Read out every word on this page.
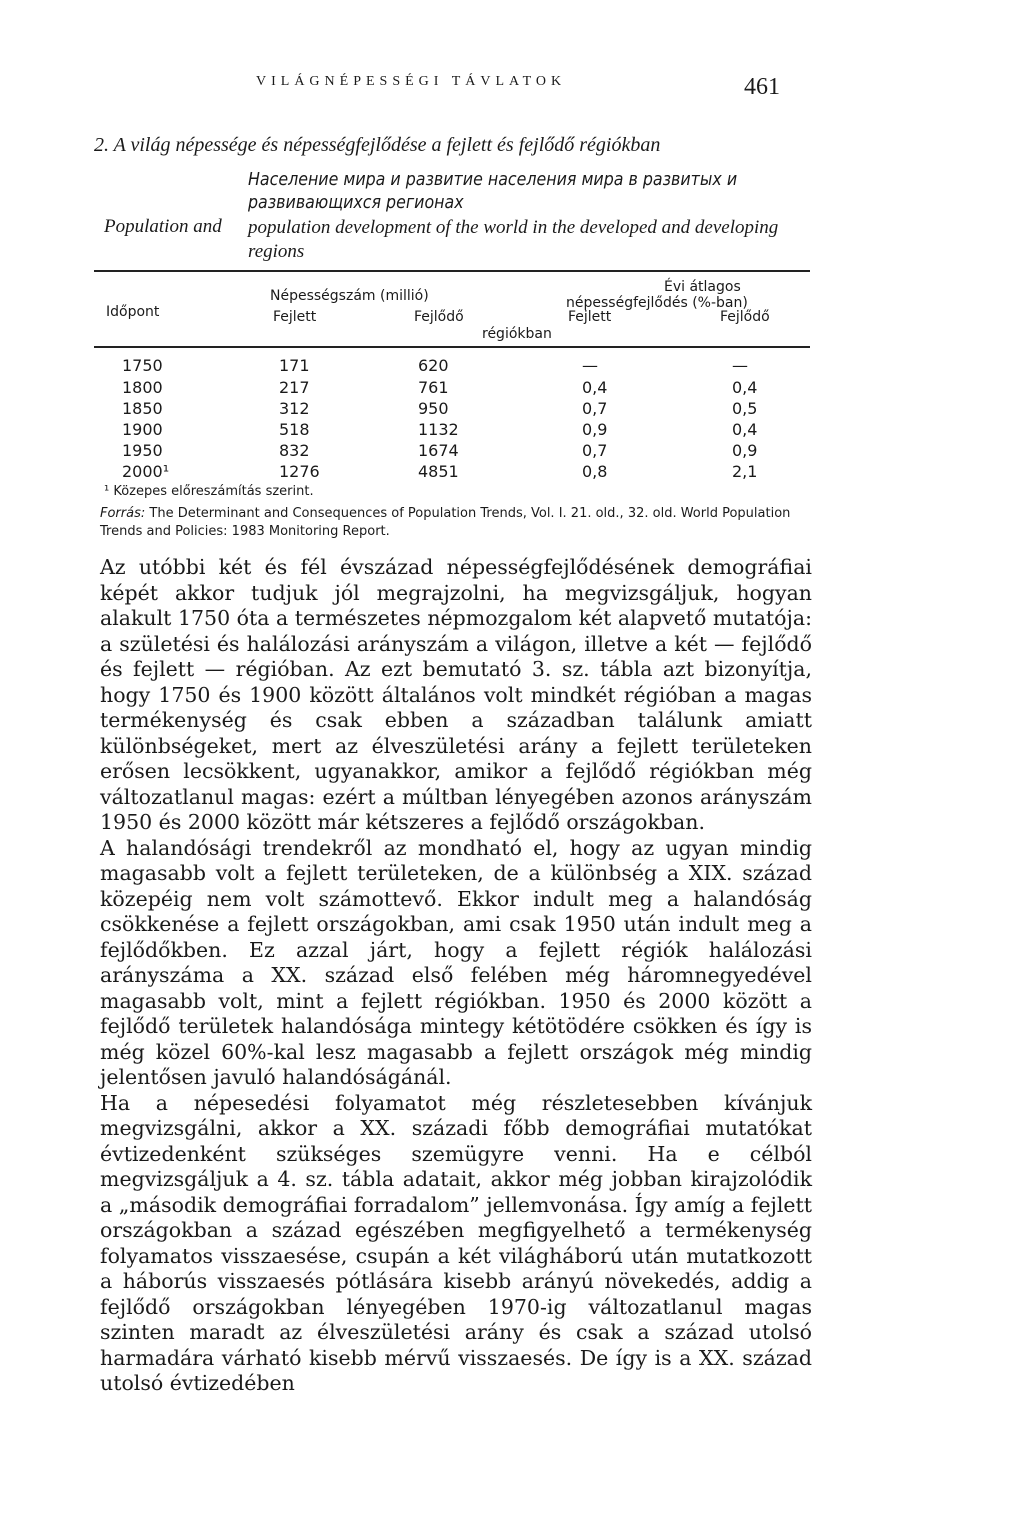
VILÁGNÉPESSÉGI TÁVLATOK	461
2. A világ népessége és népességfejlődése a fejlett és fejlődő régiókban
Население мира и развитие населения мира в развитых и развивающихся регионах
Population and population development of the world in the developed and developing regions
Időpont
Népességszám (millió)
Évi átlagos
népességfejlődés (%-ban)
Fejlett	Fejlődő	Fejlett	Fejlődő
régiókban
1750	171	620	—	—
1800	217	761	0,4	0,4
1850	312	950	0,7	0,5
1900	518	1132	0,9	0,4
1950	832	1674	0,7	0,9
2000¹	1276	4851	0,8	2,1
¹ Közepes előreszámítás szerint.
Forrás: The Determinant and Consequences of Population Trends, Vol. I. 21. old., 32. old. World Population Trends and Policies: 1983 Monitoring Report.

Az utóbbi két és fél évszázad népességfejlődésének demográfiai képét akkor tudjuk jól megrajzolni, ha megvizsgáljuk, hogyan alakult 1750 óta a természetes népmozgalom két alapvető mutatója: a születési és halálozási arányszám a világon, illetve a két — fejlődő és fejlett — régióban. Az ezt bemutató 3. sz. tábla azt bizonyítja, hogy 1750 és 1900 között általános volt mindkét régióban a magas termékenység és csak ebben a században találunk amiatt különbségeket, mert az élveszületési arány a fejlett területeken erősen lecsökkent, ugyanakkor, amikor a fejlődő régiókban még változatlanul magas: ezért a múltban lényegében azonos arányszám 1950 és 2000 között már kétszeres a fejlődő országokban.

A halandósági trendekről az mondható el, hogy az ugyan mindig magasabb volt a fejlett területeken, de a különbség a XIX. század közepéig nem volt számottevő. Ekkor indult meg a halandóság csökkenése a fejlett országokban, ami csak 1950 után indult meg a fejlődőkben. Ez azzal járt, hogy a fejlett régiók halálozási arányszáma a XX. század első felében még háromnegyedével magasabb volt, mint a fejlett régiókban. 1950 és 2000 között a fejlődő területek halandósága mintegy kétötödére csökken és így is még közel 60%-kal lesz magasabb a fejlett országok még mindig jelentősen javuló halandóságánál.

Ha a népesedési folyamatot még részletesebben kívánjuk megvizsgálni, akkor a XX. századi főbb demográfiai mutatókat évtizedenként szükséges szemügyre venni. Ha e célból megvizsgáljuk a 4. sz. tábla adatait, akkor még jobban kirajzolódik a „második demográfiai forradalom” jellemvonása. Így amíg a fejlett országokban a század egészében megfigyelhető a termékenység folyamatos visszaesése, csupán a két világháború után mutatkozott a háborús visszaesés pótlására kisebb arányú növekedés, addig a fejlődő országokban lényegében 1970-ig változatlanul magas szinten maradt az élveszületési arány és csak a század utolsó harmadára várható kisebb mérvű visszaesés. De így is a XX. század utolsó évtizedében
